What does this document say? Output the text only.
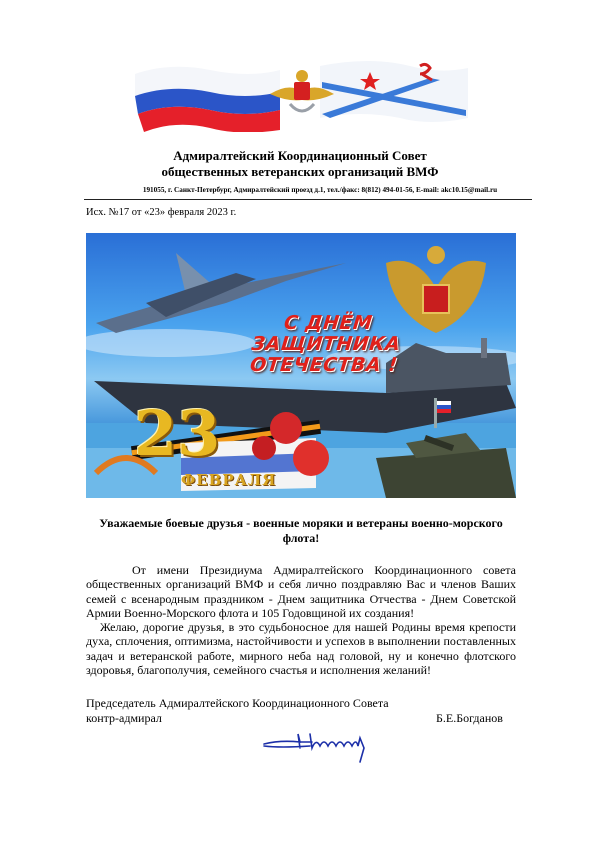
Адмиралтейский Координационный Совет
общественных ветеранских организаций ВМФ
191055, г. Санкт-Петербург, Адмиралтейский проезд д.1, тел./факс: 8(812) 494-01-56, E-mail: akc10.15@mail.ru
Исх. №17 от «23» февраля 2023 г.
С ДНЁМ
ЗАЩИТНИКА
ОТЕЧЕСТВА !
23
ФЕВРАЛЯ
Уважаемые боевые друзья - военные моряки и ветераны военно-морского флота!
От имени Президиума Адмиралтейского Координационного совета общественных организаций ВМФ и себя лично поздравляю Вас и членов Ваших семей с всенародным праздником - Днем защитника Отчества - Днем Советской Армии Военно-Морского флота и 105 Годовщиной их создания!
Желаю, дорогие друзья, в это судьбоносное для нашей Родины время крепости духа, сплочения, оптимизма, настойчивости и успехов в выполнении поставленных задач и ветеранской работе, мирного неба над головой, ну и конечно флотского здоровья, благополучия, семейного счастья и исполнения желаний!
Председатель Адмиралтейского Координационного Совета
контр-адмирал	Б.Е.Богданов
